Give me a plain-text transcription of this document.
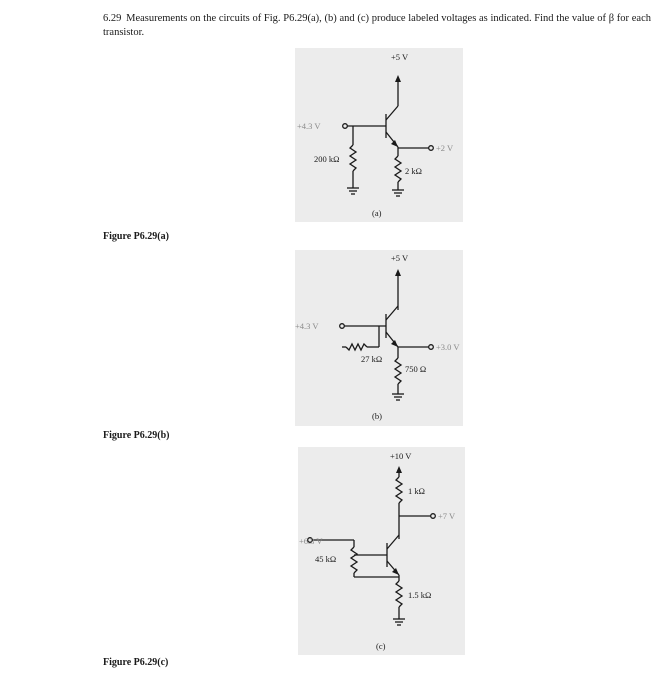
6.29 Measurements on the circuits of Fig. P6.29(a), (b) and (c) produce labeled voltages as indicated. Find the value of β for each transistor.
+5 V
+4.3 V
+2 V
200 kΩ
2 kΩ
(a)
Figure P6.29(a)
+5 V
+4.3 V
+3.0 V
27 kΩ
750 Ω
(b)
Figure P6.29(b)
+10 V
1 kΩ
+7 V
+6.3 V
45 kΩ
1.5 kΩ
(c)
Figure P6.29(c)
